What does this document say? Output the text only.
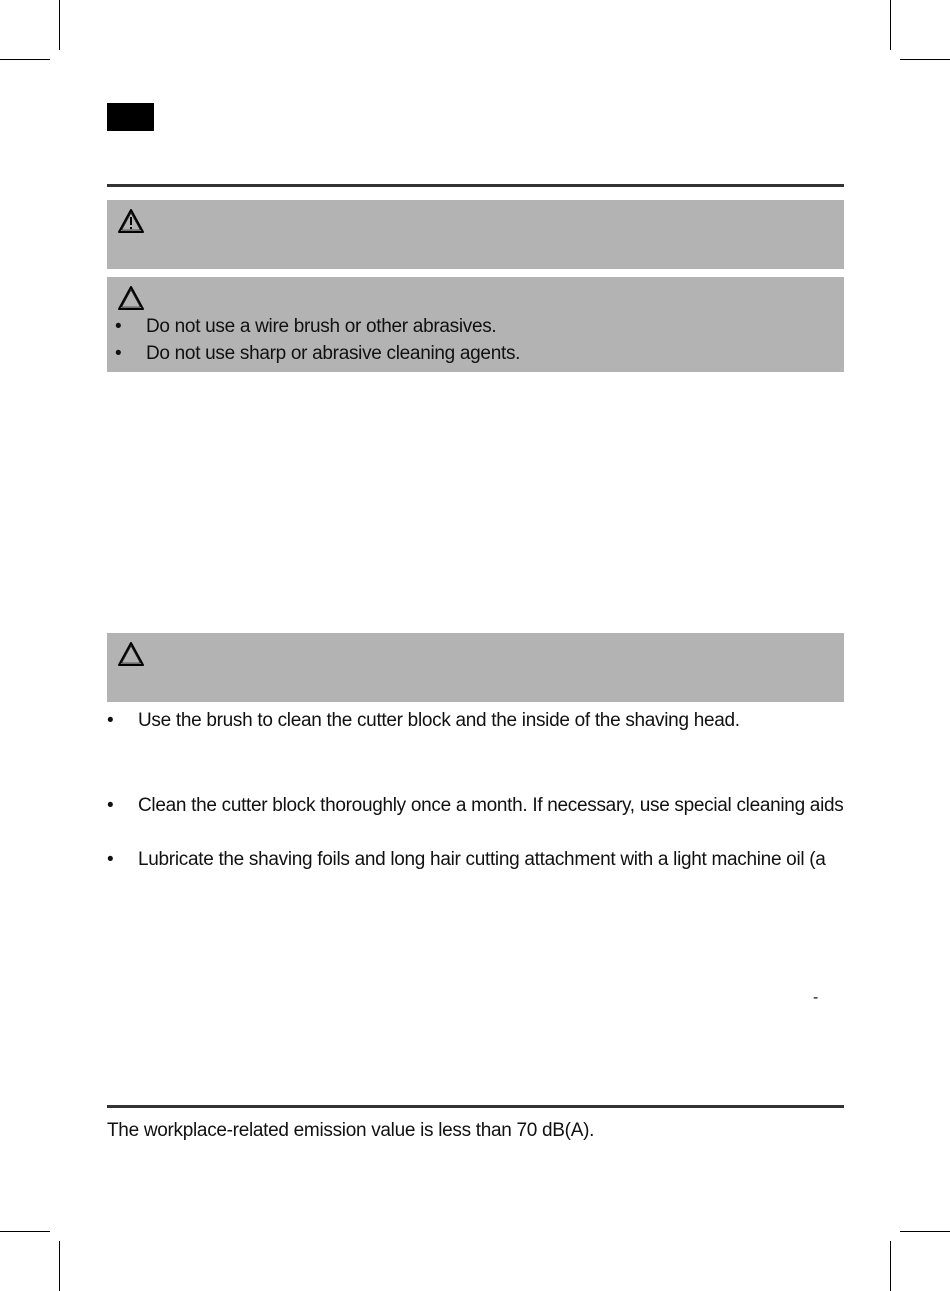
• Do not use a wire brush or other abrasives.
• Do not use sharp or abrasive cleaning agents.
• Use the brush to clean the cutter block and the inside of the shaving head.
• Clean the cutter block thoroughly once a month. If necessary, use special cleaning aids
• Lubricate the shaving foils and long hair cutting attachment with a light machine oil (a
-
The workplace-related emission value is less than 70 dB(A).
